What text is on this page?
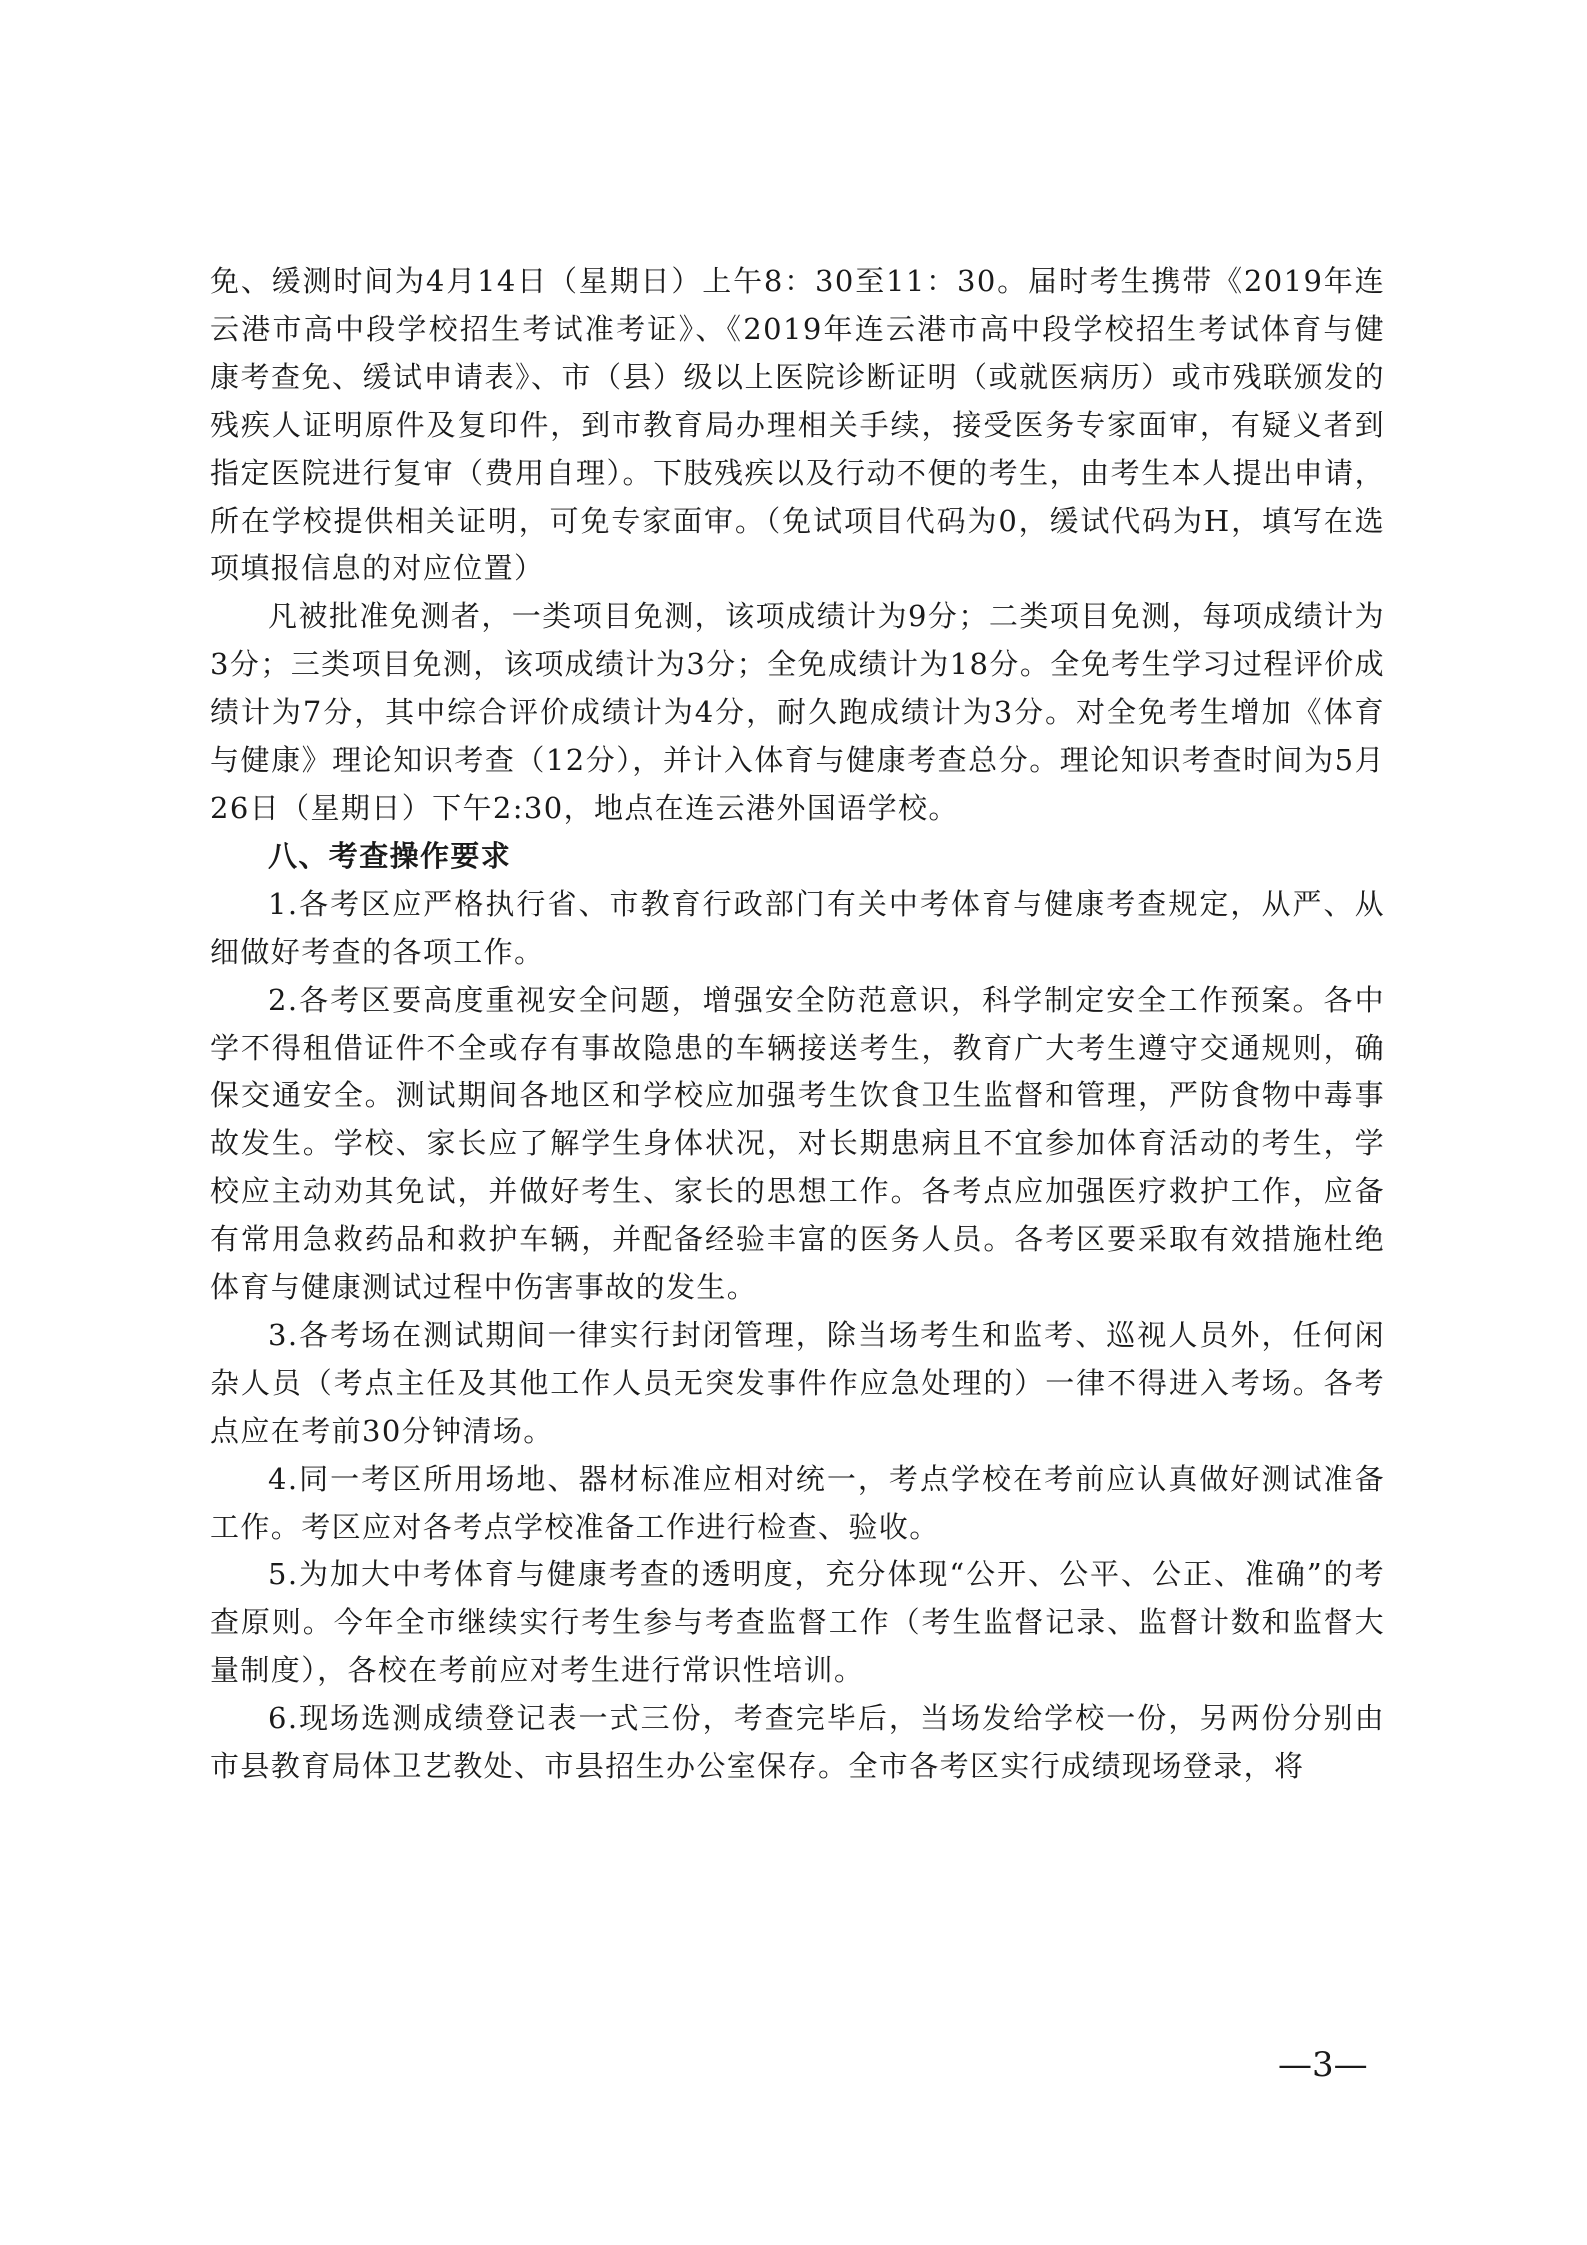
免、缓测时间为4月14日（星期日）上午8：30至11：30。届时考生携带《2019年连云港市高中段学校招生考试准考证》、《2019年连云港市高中段学校招生考试体育与健康考查免、缓试申请表》、市（县）级以上医院诊断证明（或就医病历）或市残联颁发的残疾人证明原件及复印件，到市教育局办理相关手续，接受医务专家面审，有疑义者到指定医院进行复审（费用自理）。下肢残疾以及行动不便的考生，由考生本人提出申请，所在学校提供相关证明，可免专家面审。（免试项目代码为0，缓试代码为H，填写在选项填报信息的对应位置）

凡被批准免测者，一类项目免测，该项成绩计为9分；二类项目免测，每项成绩计为3分；三类项目免测，该项成绩计为3分；全免成绩计为18分。全免考生学习过程评价成绩计为7分，其中综合评价成绩计为4分，耐久跑成绩计为3分。对全免考生增加《体育与健康》理论知识考查（12分），并计入体育与健康考查总分。理论知识考查时间为5月26日（星期日）下午2:30，地点在连云港外国语学校。

八、考查操作要求

1.各考区应严格执行省、市教育行政部门有关中考体育与健康考查规定，从严、从细做好考查的各项工作。

2.各考区要高度重视安全问题，增强安全防范意识，科学制定安全工作预案。各中学不得租借证件不全或存有事故隐患的车辆接送考生，教育广大考生遵守交通规则，确保交通安全。测试期间各地区和学校应加强考生饮食卫生监督和管理，严防食物中毒事故发生。学校、家长应了解学生身体状况，对长期患病且不宜参加体育活动的考生，学校应主动劝其免试，并做好考生、家长的思想工作。各考点应加强医疗救护工作，应备有常用急救药品和救护车辆，并配备经验丰富的医务人员。各考区要采取有效措施杜绝体育与健康测试过程中伤害事故的发生。

3.各考场在测试期间一律实行封闭管理，除当场考生和监考、巡视人员外，任何闲杂人员（考点主任及其他工作人员无突发事件作应急处理的）一律不得进入考场。各考点应在考前30分钟清场。

4.同一考区所用场地、器材标准应相对统一，考点学校在考前应认真做好测试准备工作。考区应对各考点学校准备工作进行检查、验收。

5.为加大中考体育与健康考查的透明度，充分体现“公开、公平、公正、准确”的考查原则。今年全市继续实行考生参与考查监督工作（考生监督记录、监督计数和监督大量制度），各校在考前应对考生进行常识性培训。

6.现场选测成绩登记表一式三份，考查完毕后，当场发给学校一份，另两份分别由市县教育局体卫艺教处、市县招生办公室保存。全市各考区实行成绩现场登录，将

—3—
